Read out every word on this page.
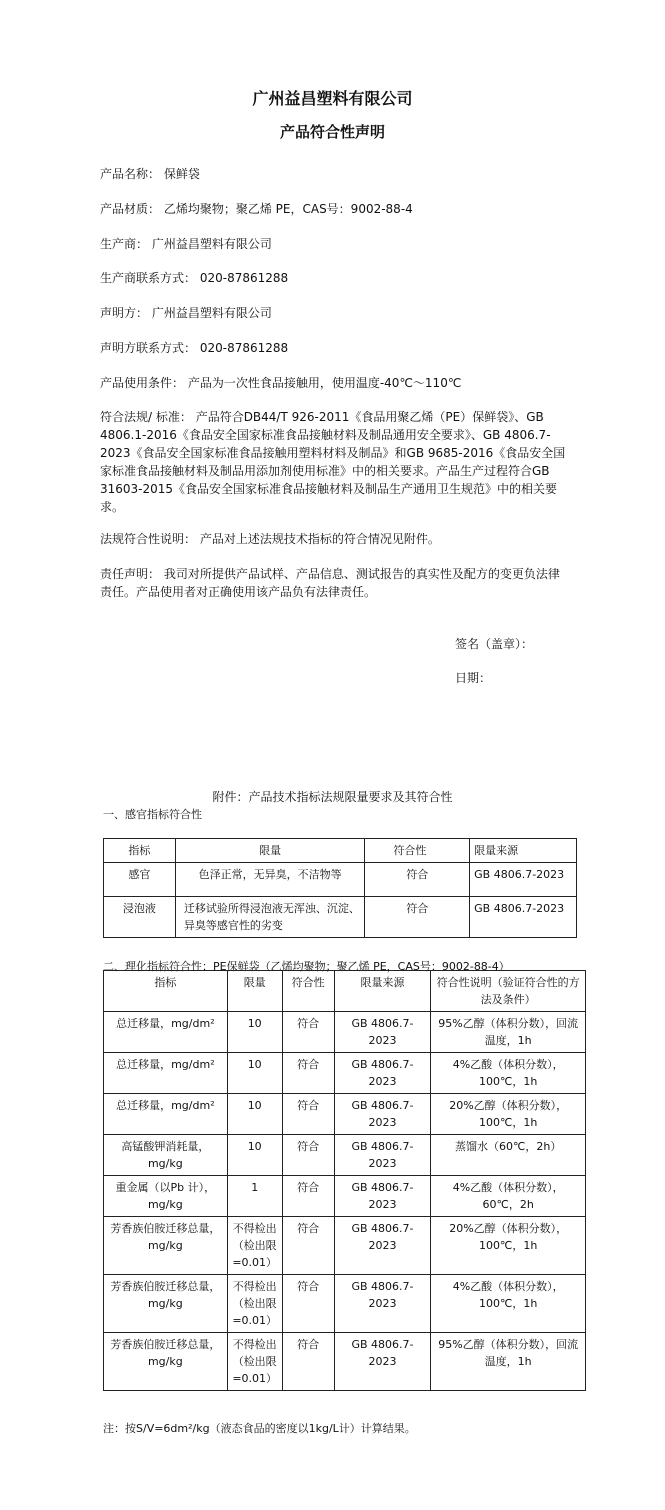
广州益昌塑料有限公司
产品符合性声明
产品名称： 保鲜袋
产品材质： 乙烯均聚物；聚乙烯 PE，CAS号：9002-88-4
生产商： 广州益昌塑料有限公司
生产商联系方式： 020-87861288
声明方： 广州益昌塑料有限公司
声明方联系方式： 020-87861288
产品使用条件： 产品为一次性食品接触用，使用温度-40℃～110℃
符合法规/ 标准： 产品符合DB44/T 926-2011《食品用聚乙烯（PE）保鲜袋》、GB 4806.1-2016《食品安全国家标准食品接触材料及制品通用安全要求》、GB 4806.7-2023《食品安全国家标准食品接触用塑料材料及制品》和GB 9685-2016《食品安全国家标准食品接触材料及制品用添加剂使用标准》中的相关要求。产品生产过程符合GB 31603-2015《食品安全国家标准食品接触材料及制品生产通用卫生规范》中的相关要求。
法规符合性说明： 产品对上述法规技术指标的符合情况见附件。
责任声明： 我司对所提供产品试样、产品信息、测试报告的真实性及配方的变更负法律责任。产品使用者对正确使用该产品负有法律责任。
签名（盖章）：
日期：
附件：产品技术指标法规限量要求及其符合性
一、感官指标符合性
指标	限量	符合性	限量来源
感官	色泽正常，无异臭，不洁物等	符合	GB 4806.7-2023
浸泡液	迁移试验所得浸泡液无浑浊、沉淀、异臭等感官性的劣变	符合	GB 4806.7-2023
二、理化指标符合性：PE保鲜袋（乙烯均聚物；聚乙烯 PE，CAS号：9002-88-4）
指标	限量	符合性	限量来源	符合性说明（验证符合性的方法及条件）
总迁移量，mg/dm²	10	符合	GB 4806.7-2023	95%乙醇（体积分数），回流温度，1h
总迁移量，mg/dm²	10	符合	GB 4806.7-2023	4%乙酸（体积分数），100℃，1h
总迁移量，mg/dm²	10	符合	GB 4806.7-2023	20%乙醇（体积分数），100℃，1h
高锰酸钾消耗量，mg/kg	10	符合	GB 4806.7-2023	蒸馏水（60℃，2h）
重金属（以Pb 计），mg/kg	1	符合	GB 4806.7-2023	4%乙酸（体积分数），60℃，2h
芳香族伯胺迁移总量，mg/kg	不得检出（检出限=0.01）	符合	GB 4806.7-2023	20%乙醇（体积分数），100℃，1h
芳香族伯胺迁移总量，mg/kg	不得检出（检出限=0.01）	符合	GB 4806.7-2023	4%乙酸（体积分数），100℃，1h
芳香族伯胺迁移总量，mg/kg	不得检出（检出限=0.01）	符合	GB 4806.7-2023	95%乙醇（体积分数），回流温度，1h
注：按S/V=6dm²/kg（液态食品的密度以1kg/L计）计算结果。
